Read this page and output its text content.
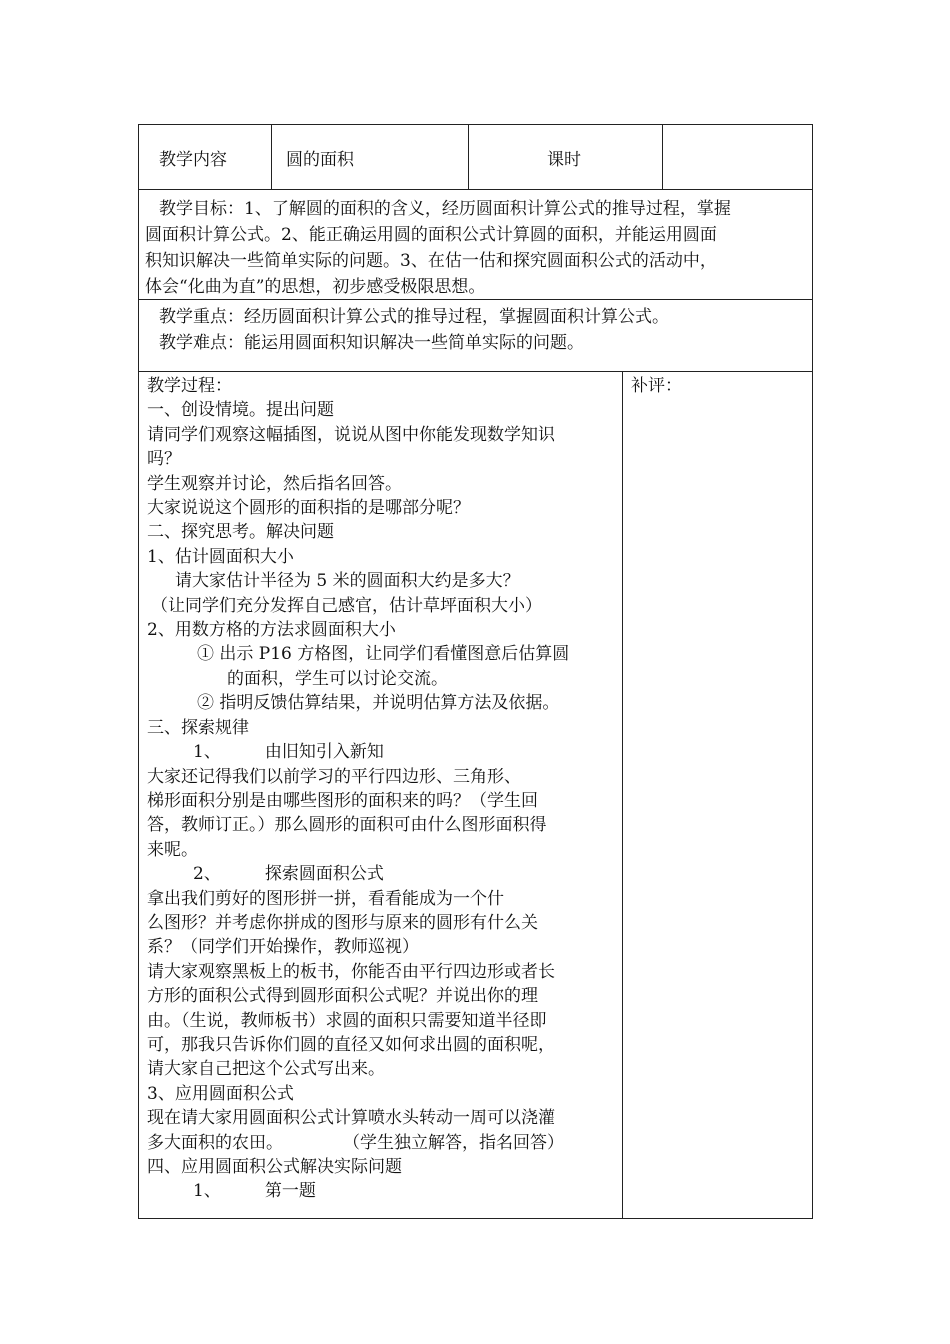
教学内容	圆的面积	课时
教学目标：1、了解圆的面积的含义，经历圆面积计算公式的推导过程，掌握
圆面积计算公式。2、能正确运用圆的面积公式计算圆的面积，并能运用圆面
积知识解决一些简单实际的问题。3、在估一估和探究圆面积公式的活动中，
体会“化曲为直”的思想，初步感受极限思想。
教学重点：经历圆面积计算公式的推导过程，掌握圆面积计算公式。
教学难点：能运用圆面积知识解决一些简单实际的问题。
教学过程：
一、创设情境。提出问题
请同学们观察这幅插图，说说从图中你能发现数学知识
吗？
学生观察并讨论，然后指名回答。
大家说说这个圆形的面积指的是哪部分呢？
二、探究思考。解决问题
1、估计圆面积大小
请大家估计半径为 5 米的圆面积大约是多大？
（让同学们充分发挥自己感官，估计草坪面积大小）
2、用数方格的方法求圆面积大小
① 出示 P16 方格图，让同学们看懂图意后估算圆
的面积，学生可以讨论交流。
② 指明反馈估算结果，并说明估算方法及依据。
三、探索规律
1、	由旧知引入新知
大家还记得我们以前学习的平行四边形、三角形、
梯形面积分别是由哪些图形的面积来的吗？（学生回
答，教师订正。）那么圆形的面积可由什么图形面积得
来呢。
2、	探索圆面积公式
拿出我们剪好的图形拼一拼，看看能成为一个什
么图形？并考虑你拼成的图形与原来的圆形有什么关
系？（同学们开始操作，教师巡视）
请大家观察黑板上的板书，你能否由平行四边形或者长
方形的面积公式得到圆形面积公式呢？并说出你的理
由。（生说，教师板书）求圆的面积只需要知道半径即
可，那我只告诉你们圆的直径又如何求出圆的面积呢，
请大家自己把这个公式写出来。
3、应用圆面积公式
现在请大家用圆面积公式计算喷水头转动一周可以浇灌
多大面积的农田。	（学生独立解答，指名回答）
四、应用圆面积公式解决实际问题
1、	第一题
补评：
